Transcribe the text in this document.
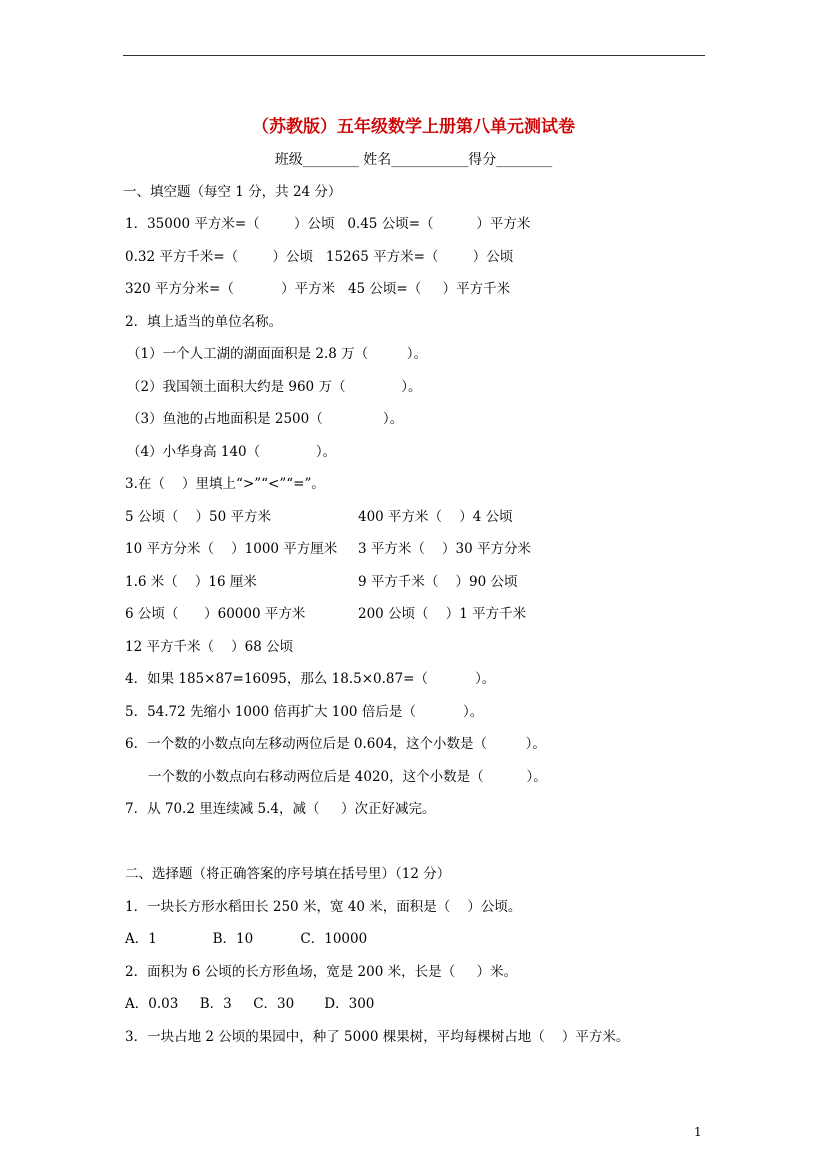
（苏教版）五年级数学上册第八单元测试卷
班级________ 姓名___________得分________
一、填空题（每空 1 分，共 24 分）
1．35000 平方米=（        ）公顷   0.45 公顷=（          ）平方米
0.32 平方千米=（        ）公顷   15265 平方米=（        ）公顷
320 平方分米=（           ）平方米   45 公顷=（     ）平方千米
2．填上适当的单位名称。
（1）一个人工湖的湖面面积是 2.8 万（         ）。
（2）我国领土面积大约是 960 万（             ）。
（3）鱼池的占地面积是 2500（              ）。
（4）小华身高 140（             ）。
3.在（    ）里填上“>”“<”“=”。
5 公顷（    ）50 平方米	400 平方米（    ）4 公顷
10 平方分米（    ）1000 平方厘米 3 平方米（    ）30 平方分米
1.6 米（    ）16 厘米	9 平方千米（    ）90 公顷
6 公顷（      ）60000 平方米	200 公顷（    ）1 平方千米
12 平方千米（    ）68 公顷
4．如果 185×87=16095，那么 18.5×0.87=（           ）。
5．54.72 先缩小 1000 倍再扩大 100 倍后是（           ）。
6．一个数的小数点向左移动两位后是 0.604，这个小数是（         ）。
一个数的小数点向右移动两位后是 4020，这个小数是（          ）。
7．从 70.2 里连续减 5.4，减（     ）次正好减完。
二、选择题（将正确答案的序号填在括号里）（12 分）
1．一块长方形水稻田长 250 米，宽 40 米，面积是（    ）公顷。
A．1             B．10           C．10000
2．面积为 6 公顷的长方形鱼场，宽是 200 米，长是（     ）米。
A．0.03     B．3     C．30       D．300
3．一块占地 2 公顷的果园中，种了 5000 棵果树，平均每棵树占地（    ）平方米。
1
